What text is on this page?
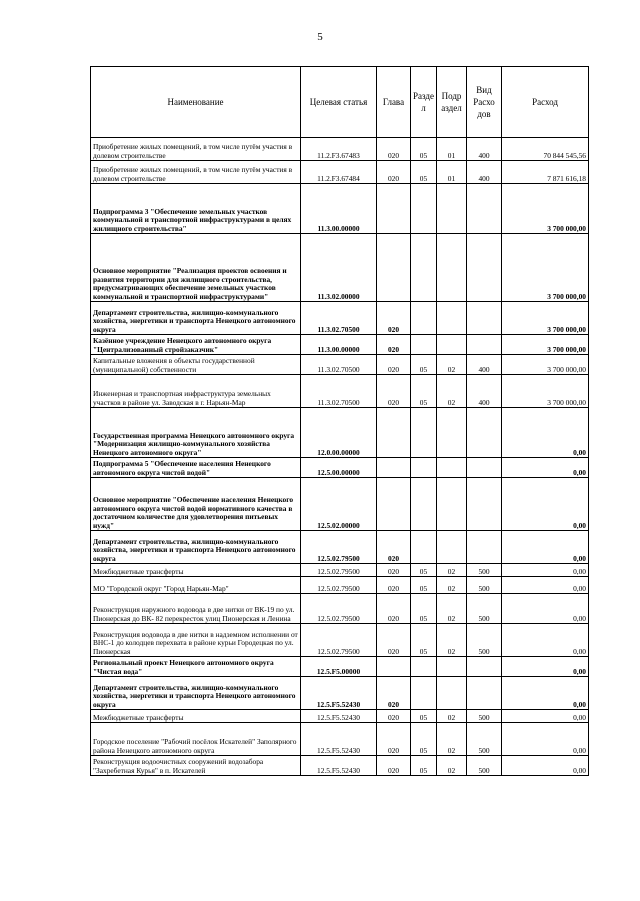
5
Наименование	Целевая статья	Глава	Разде л	Подр аздел	Вид Расхо дов	Расход
Приобретение жилых помещений, в том числе путём участия в долевом строительстве	11.2.F3.67483	020	05	01	400	70 844 545,56
Приобретение жилых помещений, в том числе путём участия в долевом строительстве	11.2.F3.67484	020	05	01	400	7 871 616,18
Подпрограмма 3 "Обеспечение земельных участков коммунальной и транспортной инфраструктурами в целях жилищного строительства"	11.3.00.00000					3 700 000,00
Основное мероприятие "Реализация проектов освоения и развития территории для жилищного строительства, предусматривающих обеспечение земельных участков коммунальной и транспортной инфраструктурами"	11.3.02.00000					3 700 000,00
Департамент строительства, жилищно-коммунального хозяйства, энергетики и транспорта Ненецкого автономного округа	11.3.02.70500	020				3 700 000,00
Казённое учреждение Ненецкого автономного округа "Централизованный стройзаказчик"	11.3.00.00000	020				3 700 000,00
Капитальные вложения в объекты государственной (муниципальной) собственности	11.3.02.70500	020	05	02	400	3 700 000,00
Инженерная и транспортная инфраструктура земельных участков в районе ул. Заводская в г. Нарьян-Мар	11.3.02.70500	020	05	02	400	3 700 000,00
Государственная программа Ненецкого автономного округа "Модернизация жилищно-коммунального хозяйства Ненецкого автономного округа"	12.0.00.00000					0,00
Подпрограмма 5 "Обеспечение населения Ненецкого автономного округа чистой водой"	12.5.00.00000					0,00
Основное мероприятие "Обеспечение населения Ненецкого автономного округа чистой водой нормативного качества в достаточном количестве для удовлетворения питьевых нужд"	12.5.02.00000					0,00
Департамент строительства, жилищно-коммунального хозяйства, энергетики и транспорта Ненецкого автономного округа	12.5.02.79500	020				0,00
Межбюджетные трансферты	12.5.02.79500	020	05	02	500	0,00
МО "Городской округ "Город Нарьян-Мар"	12.5.02.79500	020	05	02	500	0,00
Реконструкция наружного водовода в две нитки от ВК-19 по ул. Пионерская до ВК- 82 перекресток улиц Пионерская и Ленина	12.5.02.79500	020	05	02	500	0,00
Реконструкция водовода в две нитки в надземном исполнении от ВНС-1 до колодцев перехвата в районе курьи Городецкая по ул. Пионерская	12.5.02.79500	020	05	02	500	0,00
Региональный проект Ненецкого автономного округа "Чистая вода"	12.5.F5.00000					0,00
Департамент строительства, жилищно-коммунального хозяйства, энергетики и транспорта Ненецкого автономного округа	12.5.F5.52430	020				0,00
Межбюджетные трансферты	12.5.F5.52430	020	05	02	500	0,00
Городское поселение "Рабочий посёлок Искателей" Заполярного района Ненецкого автономного округа	12.5.F5.52430	020	05	02	500	0,00
Реконструкция водоочистных сооружений водозабора "Захребетная Курья" в п. Искателей	12.5.F5.52430	020	05	02	500	0,00
